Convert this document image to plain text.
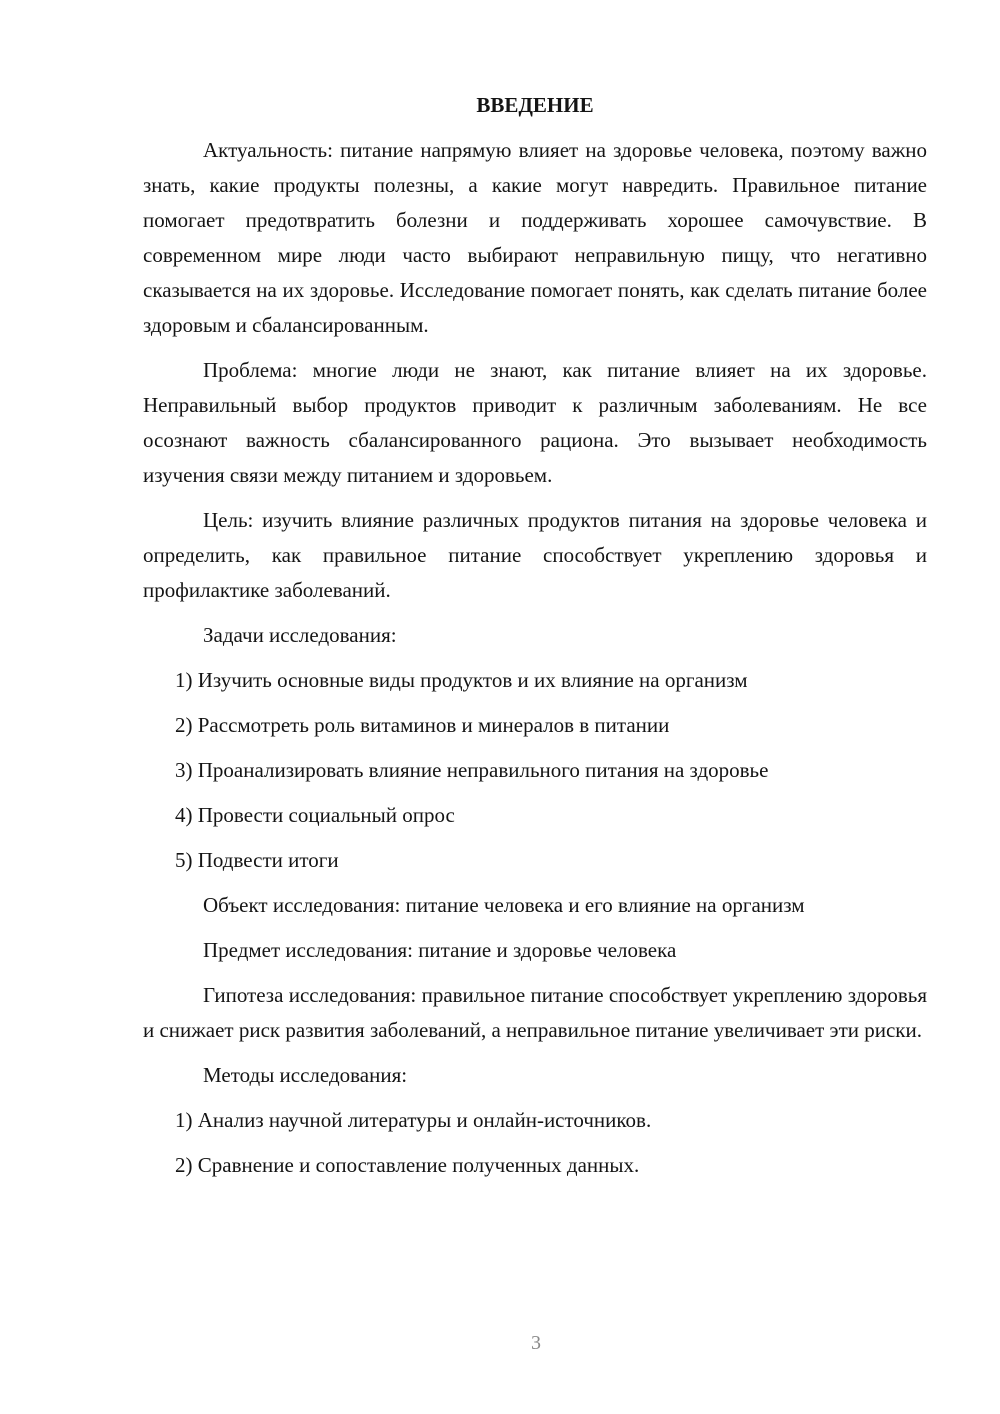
ВВЕДЕНИЕ

Актуальность: питание напрямую влияет на здоровье человека, поэтому важно знать, какие продукты полезны, а какие могут навредить. Правильное питание помогает предотвратить болезни и поддерживать хорошее самочувствие. В современном мире люди часто выбирают неправильную пищу, что негативно сказывается на их здоровье. Исследование помогает понять, как сделать питание более здоровым и сбалансированным.

Проблема: многие люди не знают, как питание влияет на их здоровье. Неправильный выбор продуктов приводит к различным заболеваниям. Не все осознают важность сбалансированного рациона. Это вызывает необходимость изучения связи между питанием и здоровьем.

Цель: изучить влияние различных продуктов питания на здоровье человека и определить, как правильное питание способствует укреплению здоровья и профилактике заболеваний.

Задачи исследования:

1) Изучить основные виды продуктов и их влияние на организм

2) Рассмотреть роль витаминов и минералов в питании

3) Проанализировать влияние неправильного питания на здоровье

4) Провести социальный опрос

5) Подвести итоги

Объект исследования: питание человека и его влияние на организм

Предмет исследования: питание и здоровье человека

Гипотеза исследования: правильное питание способствует укреплению здоровья и снижает риск развития заболеваний, а неправильное питание увеличивает эти риски.

Методы исследования:

1) Анализ научной литературы и онлайн-источников.

2) Сравнение и сопоставление полученных данных.

3
